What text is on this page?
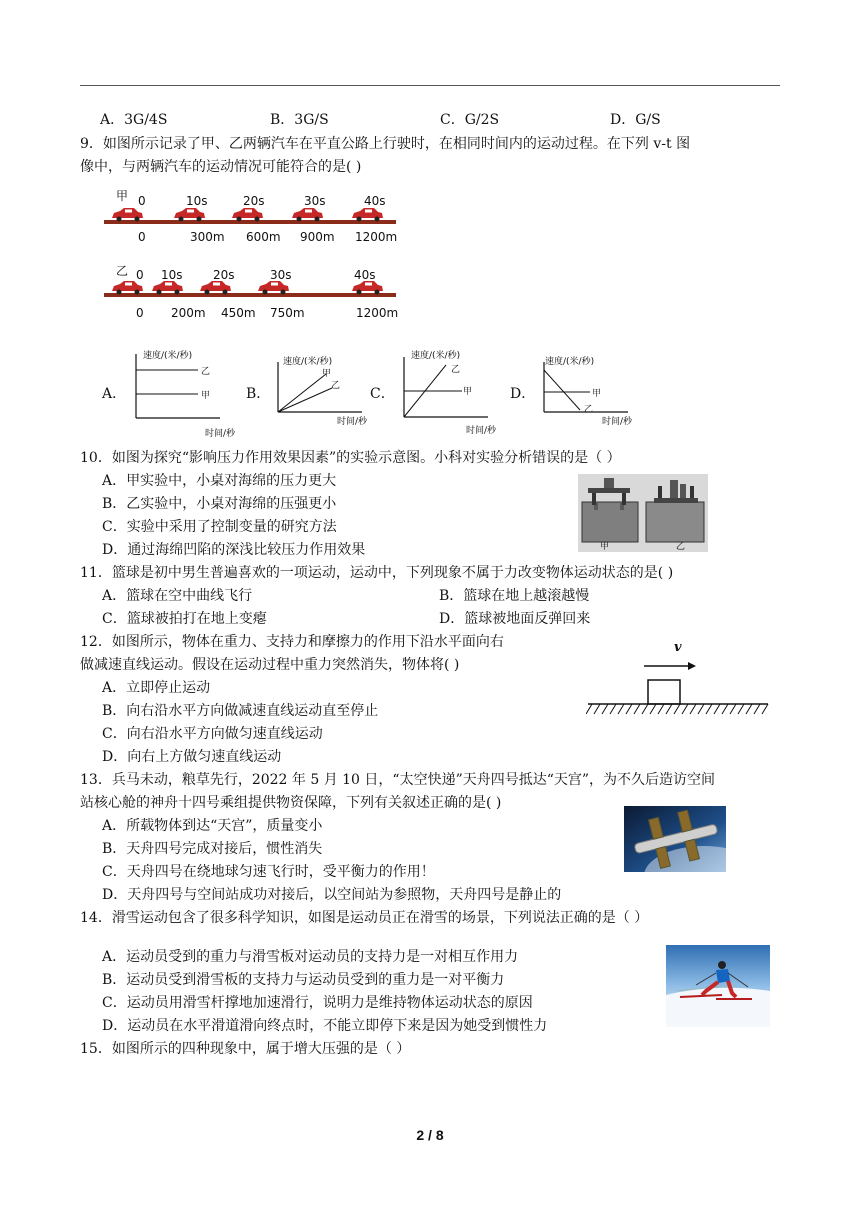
A．3G/4S	B．3G/S	C．G/2S	D．G/S
9．如图所示记录了甲、乙两辆汽车在平直公路上行驶时，在相同时间内的运动过程。在下列 v-t 图
像中，与两辆汽车的运动情况可能符合的是( )
甲 0	10s	20s	30s	40s
0	300m 600m 900m 1200m
乙 0 10s	20s	30s	40s
0 200m 450m 750m	1200m
A．
速度/(米/秒)
乙
甲
时间/秒
B．
速度/(米/秒)
甲
乙
时间/秒
C．
速度/(米/秒)
乙
甲
时间/秒
D．
速度/(米/秒)
甲
乙
时间/秒
10．如图为探究“影响压力作用效果因素”的实验示意图。小科对实验分析错误的是（ ）
A．甲实验中，小桌对海绵的压力更大
B．乙实验中，小桌对海绵的压强更小
C．实验中采用了控制变量的研究方法
D．通过海绵凹陷的深浅比较压力作用效果	甲	乙
11．篮球是初中男生普遍喜欢的一项运动，运动中，下列现象不属于力改变物体运动状态的是( )
A．篮球在空中曲线飞行	B．篮球在地上越滚越慢
C．篮球被拍打在地上变瘪	D．篮球被地面反弹回来
12．如图所示，物体在重力、支持力和摩擦力的作用下沿水平面向右
做减速直线运动。假设在运动过程中重力突然消失，物体将( )
A．立即停止运动
B．向右沿水平方向做减速直线运动直至停止
C．向右沿水平方向做匀速直线运动
D．向右上方做匀速直线运动
v
13．兵马未动，粮草先行，2022 年 5 月 10 日，“太空快递”天舟四号抵达“天宫”，为不久后造访空间
站核心舱的神舟十四号乘组提供物资保障，下列有关叙述正确的是( )
A．所载物体到达“天宫”，质量变小
B．天舟四号完成对接后，惯性消失
C．天舟四号在绕地球匀速飞行时，受平衡力的作用！
D．天舟四号与空间站成功对接后，以空间站为参照物，天舟四号是静止的
14．滑雪运动包含了很多科学知识，如图是运动员正在滑雪的场景，下列说法正确的是（ ）
A．运动员受到的重力与滑雪板对运动员的支持力是一对相互作用力
B．运动员受到滑雪板的支持力与运动员受到的重力是一对平衡力
C．运动员用滑雪杆撑地加速滑行，说明力是维持物体运动状态的原因
D．运动员在水平滑道滑向终点时，不能立即停下来是因为她受到惯性力
15．如图所示的四种现象中，属于增大压强的是（ ）
2 / 8
